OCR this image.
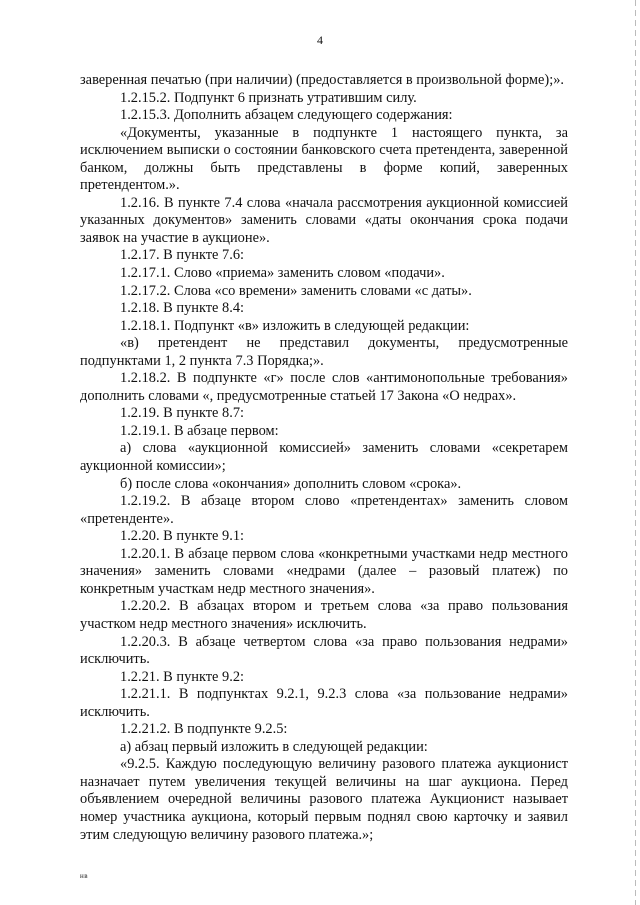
4

заверенная печатью (при наличии) (предоставляется в произвольной форме);».

1.2.15.2. Подпункт 6 признать утратившим силу.

1.2.15.3. Дополнить абзацем следующего содержания:

«Документы, указанные в подпункте 1 настоящего пункта, за исключением выписки о состоянии банковского счета претендента, заверенной банком, должны быть представлены в форме копий, заверенных претендентом.».

1.2.16. В пункте 7.4 слова «начала рассмотрения аукционной комиссией указанных документов» заменить словами «даты окончания срока подачи заявок на участие в аукционе».

1.2.17. В пункте 7.6:

1.2.17.1. Слово «приема» заменить словом «подачи».

1.2.17.2. Слова «со времени» заменить словами «с даты».

1.2.18. В пункте 8.4:

1.2.18.1. Подпункт «в» изложить в следующей редакции:

«в) претендент не представил документы, предусмотренные подпунктами 1, 2 пункта 7.3 Порядка;».

1.2.18.2. В подпункте «г» после слов «антимонопольные требования» дополнить словами «, предусмотренные статьей 17 Закона «О недрах».

1.2.19. В пункте 8.7:

1.2.19.1. В абзаце первом:

а) слова «аукционной комиссией» заменить словами «секретарем аукционной комиссии»;

б) после слова «окончания» дополнить словом «срока».

1.2.19.2. В абзаце втором слово «претендентах» заменить словом «претенденте».

1.2.20. В пункте 9.1:

1.2.20.1. В абзаце первом слова «конкретными участками недр местного значения» заменить словами «недрами (далее – разовый платеж) по конкретным участкам недр местного значения».

1.2.20.2. В абзацах втором и третьем слова «за право пользования участком недр местного значения» исключить.

1.2.20.3. В абзаце четвертом слова «за право пользования недрами» исключить.

1.2.21. В пункте 9.2:

1.2.21.1. В подпунктах 9.2.1, 9.2.3 слова «за пользование недрами» исключить.

1.2.21.2. В подпункте 9.2.5:

а) абзац первый изложить в следующей редакции:

«9.2.5. Каждую последующую величину разового платежа аукционист назначает путем увеличения текущей величины на шаг аукциона. Перед объявлением очередной величины разового платежа Аукционист называет номер участника аукциона, который первым поднял свою карточку и заявил этим следующую величину разового платежа.»;

нв
